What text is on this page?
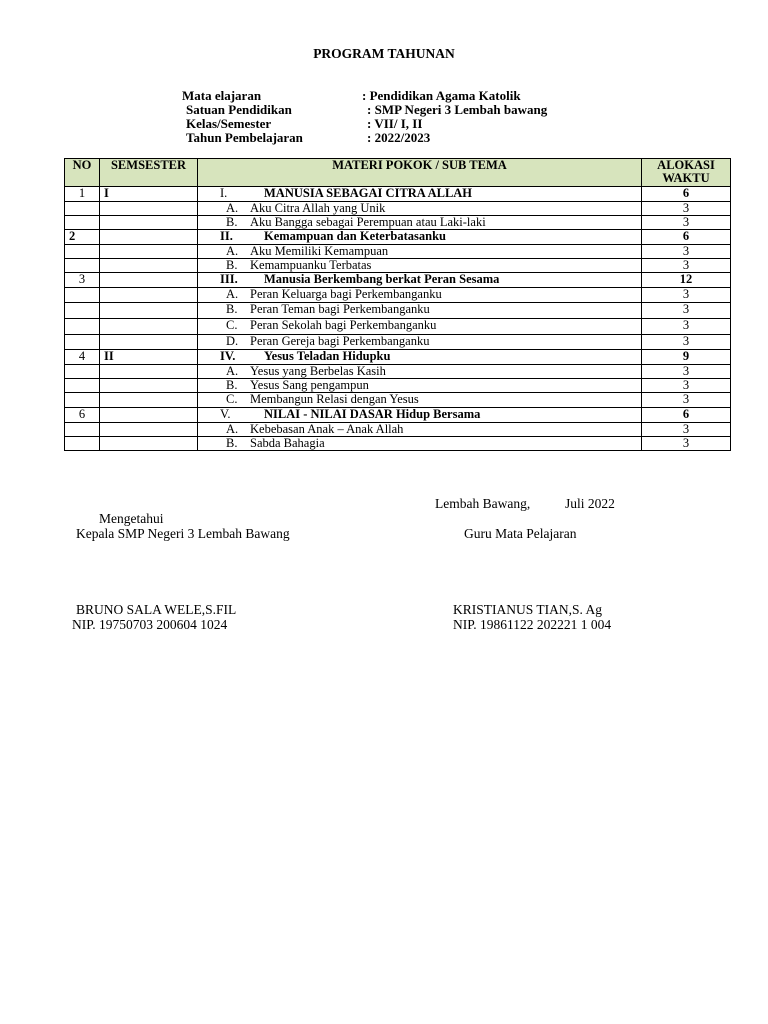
PROGRAM TAHUNAN
Mata elajaran	: Pendidikan Agama Katolik
Satuan Pendidikan	: SMP Negeri 3 Lembah bawang
Kelas/Semester	: VII/ I, II
Tahun Pembelajaran	: 2022/2023
NO	SEMSESTER	MATERI POKOK / SUB TEMA	ALOKASI
WAKTU

1	I	I. MANUSIA SEBAGAI CITRA ALLAH	6
		A. Aku Citra Allah yang Unik	3
		B. Aku Bangga sebagai Perempuan atau Laki-laki	3
2		II. Kemampuan dan Keterbatasanku	6
		A. Aku Memiliki Kemampuan	3
		B. Kemampuanku Terbatas	3
3		III. Manusia Berkembang berkat Peran Sesama	12
		A. Peran Keluarga bagi Perkembanganku	3
		B. Peran Teman bagi Perkembanganku	3
		C. Peran Sekolah bagi Perkembanganku	3
		D. Peran Gereja bagi Perkembanganku	3
4	II	IV. Yesus Teladan Hidupku	9
		A. Yesus yang Berbelas Kasih	3
		B. Yesus Sang pengampun	3
		C. Membangun Relasi dengan Yesus	3
6		V. NILAI - NILAI DASAR Hidup Bersama	6
		A. Kebebasan Anak – Anak Allah	3
		B. Sabda Bahagia	3
Lembah Bawang,	Juli 2022
Mengetahui
Kepala SMP Negeri 3 Lembah Bawang
BRUNO SALA WELE,S.FIL
NIP. 19750703 200604 1024
Guru Mata Pelajaran
KRISTIANUS TIAN,S. Ag
NIP. 19861122 202221 1 004
